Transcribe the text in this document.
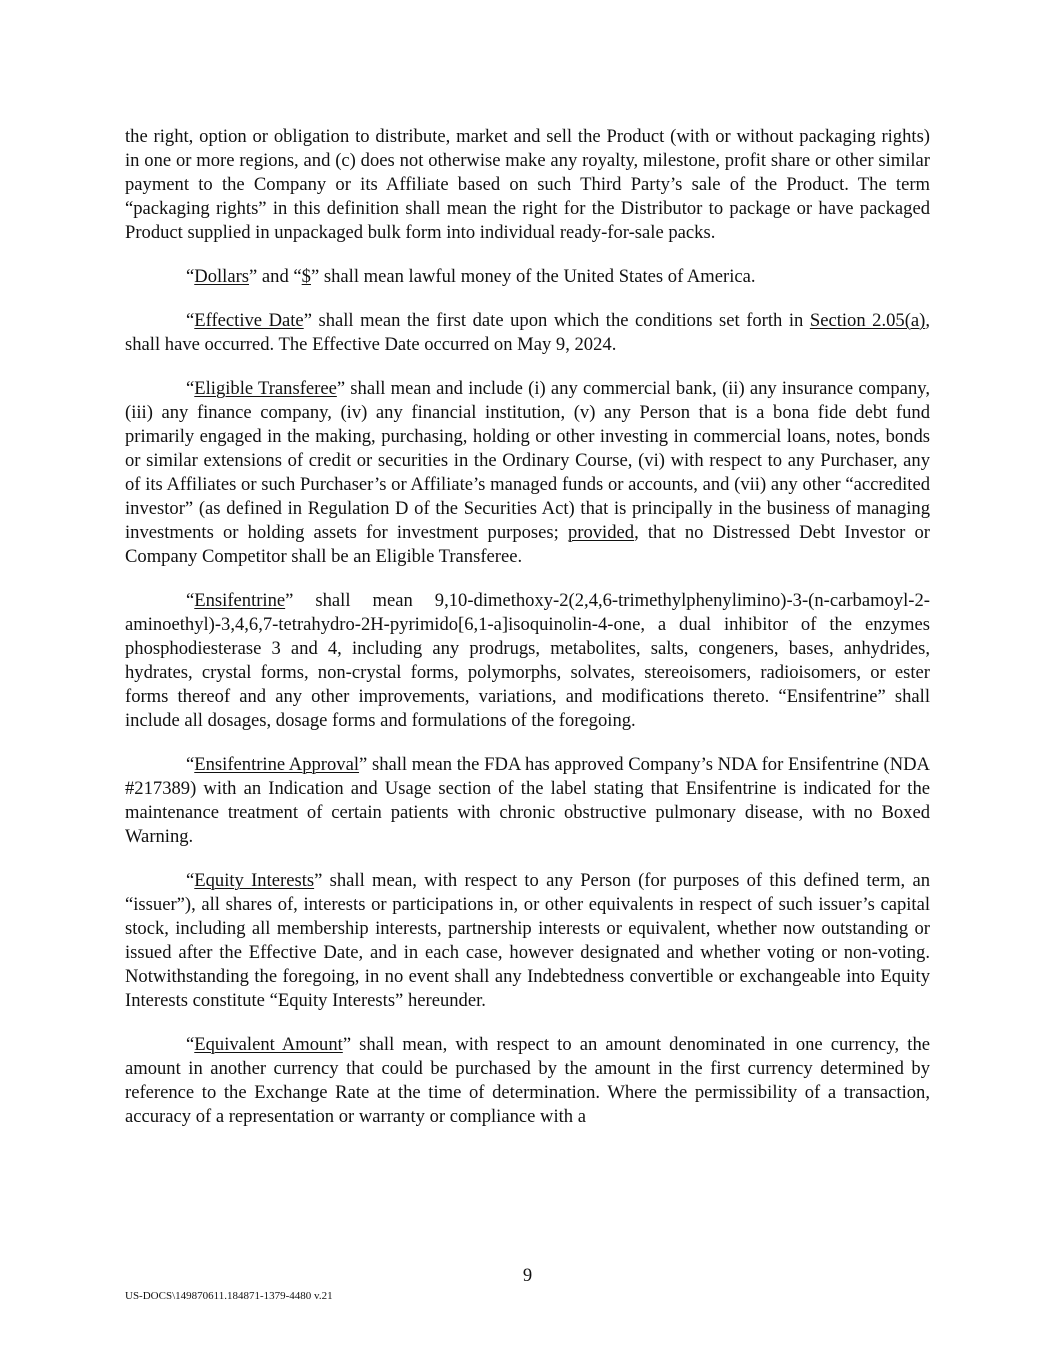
the right, option or obligation to distribute, market and sell the Product (with or without packaging rights) in one or more regions, and (c) does not otherwise make any royalty, milestone, profit share or other similar payment to the Company or its Affiliate based on such Third Party’s sale of the Product. The term “packaging rights” in this definition shall mean the right for the Distributor to package or have packaged Product supplied in unpackaged bulk form into individual ready-for-sale packs.

“Dollars” and “$” shall mean lawful money of the United States of America.

“Effective Date” shall mean the first date upon which the conditions set forth in Section 2.05(a), shall have occurred. The Effective Date occurred on May 9, 2024.

“Eligible Transferee” shall mean and include (i) any commercial bank, (ii) any insurance company, (iii) any finance company, (iv) any financial institution, (v) any Person that is a bona fide debt fund primarily engaged in the making, purchasing, holding or other investing in commercial loans, notes, bonds or similar extensions of credit or securities in the Ordinary Course, (vi) with respect to any Purchaser, any of its Affiliates or such Purchaser’s or Affiliate’s managed funds or accounts, and (vii) any other “accredited investor” (as defined in Regulation D of the Securities Act) that is principally in the business of managing investments or holding assets for investment purposes; provided, that no Distressed Debt Investor or Company Competitor shall be an Eligible Transferee.

“Ensifentrine” shall mean 9,10-dimethoxy-2(2,4,6-trimethylphenylimino)-3-(n-carbamoyl-2-aminoethyl)-3,4,6,7-tetrahydro-2H-pyrimido[6,1-a]isoquinolin-4-one, a dual inhibitor of the enzymes phosphodiesterase 3 and 4, including any prodrugs, metabolites, salts, congeners, bases, anhydrides, hydrates, crystal forms, non-crystal forms, polymorphs, solvates, stereoisomers, radioisomers, or ester forms thereof and any other improvements, variations, and modifications thereto. “Ensifentrine” shall include all dosages, dosage forms and formulations of the foregoing.

“Ensifentrine Approval” shall mean the FDA has approved Company’s NDA for Ensifentrine (NDA #217389) with an Indication and Usage section of the label stating that Ensifentrine is indicated for the maintenance treatment of certain patients with chronic obstructive pulmonary disease, with no Boxed Warning.

“Equity Interests” shall mean, with respect to any Person (for purposes of this defined term, an “issuer”), all shares of, interests or participations in, or other equivalents in respect of such issuer’s capital stock, including all membership interests, partnership interests or equivalent, whether now outstanding or issued after the Effective Date, and in each case, however designated and whether voting or non-voting. Notwithstanding the foregoing, in no event shall any Indebtedness convertible or exchangeable into Equity Interests constitute “Equity Interests” hereunder.

“Equivalent Amount” shall mean, with respect to an amount denominated in one currency, the amount in another currency that could be purchased by the amount in the first currency determined by reference to the Exchange Rate at the time of determination. Where the permissibility of a transaction, accuracy of a representation or warranty or compliance with a

9
US-DOCS\149870611.184871-1379-4480 v.21
